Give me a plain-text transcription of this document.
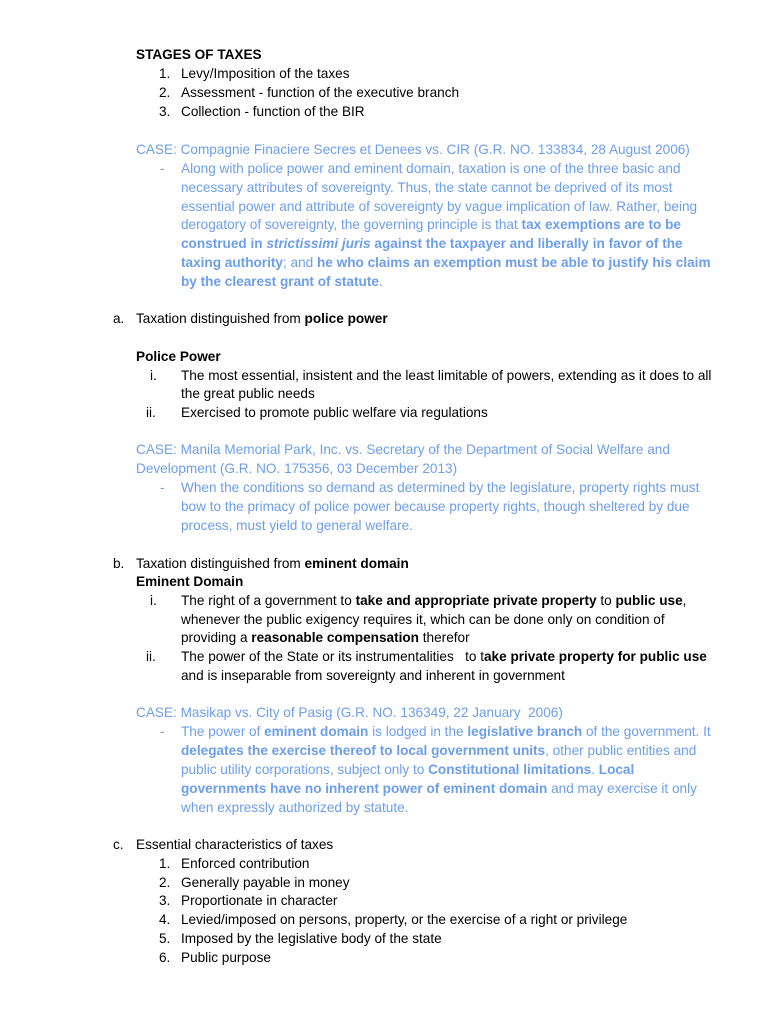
STAGES OF TAXES
1. Levy/Imposition of the taxes
2. Assessment - function of the executive branch
3. Collection - function of the BIR
CASE: Compagnie Finaciere Secres et Denees vs. CIR (G.R. NO. 133834, 28 August 2006)
- Along with police power and eminent domain, taxation is one of the three basic and
necessary attributes of sovereignty. Thus, the state cannot be deprived of its most
essential power and attribute of sovereignty by vague implication of law. Rather, being
derogatory of sovereignty, the governing principle is that tax exemptions are to be
construed in strictissimi juris against the taxpayer and liberally in favor of the
taxing authority; and he who claims an exemption must be able to justify his claim
by the clearest grant of statute.
a. Taxation distinguished from police power
Police Power
i. The most essential, insistent and the least limitable of powers, extending as it does to all
the great public needs
ii. Exercised to promote public welfare via regulations
CASE: Manila Memorial Park, Inc. vs. Secretary of the Department of Social Welfare and
Development (G.R. NO. 175356, 03 December 2013)
- When the conditions so demand as determined by the legislature, property rights must
bow to the primacy of police power because property rights, though sheltered by due
process, must yield to general welfare.
b. Taxation distinguished from eminent domain
Eminent Domain
i. The right of a government to take and appropriate private property to public use,
whenever the public exigency requires it, which can be done only on condition of
providing a reasonable compensation therefor
ii. The power of the State or its instrumentalities   to take private property for public use
and is inseparable from sovereignty and inherent in government
CASE: Masikap vs. City of Pasig (G.R. NO. 136349, 22 January  2006)
- The power of eminent domain is lodged in the legislative branch of the government. It
delegates the exercise thereof to local government units, other public entities and
public utility corporations, subject only to Constitutional limitations. Local
governments have no inherent power of eminent domain and may exercise it only
when expressly authorized by statute.
c. Essential characteristics of taxes
1. Enforced contribution
2. Generally payable in money
3. Proportionate in character
4. Levied/imposed on persons, property, or the exercise of a right or privilege
5. Imposed by the legislative body of the state
6. Public purpose
